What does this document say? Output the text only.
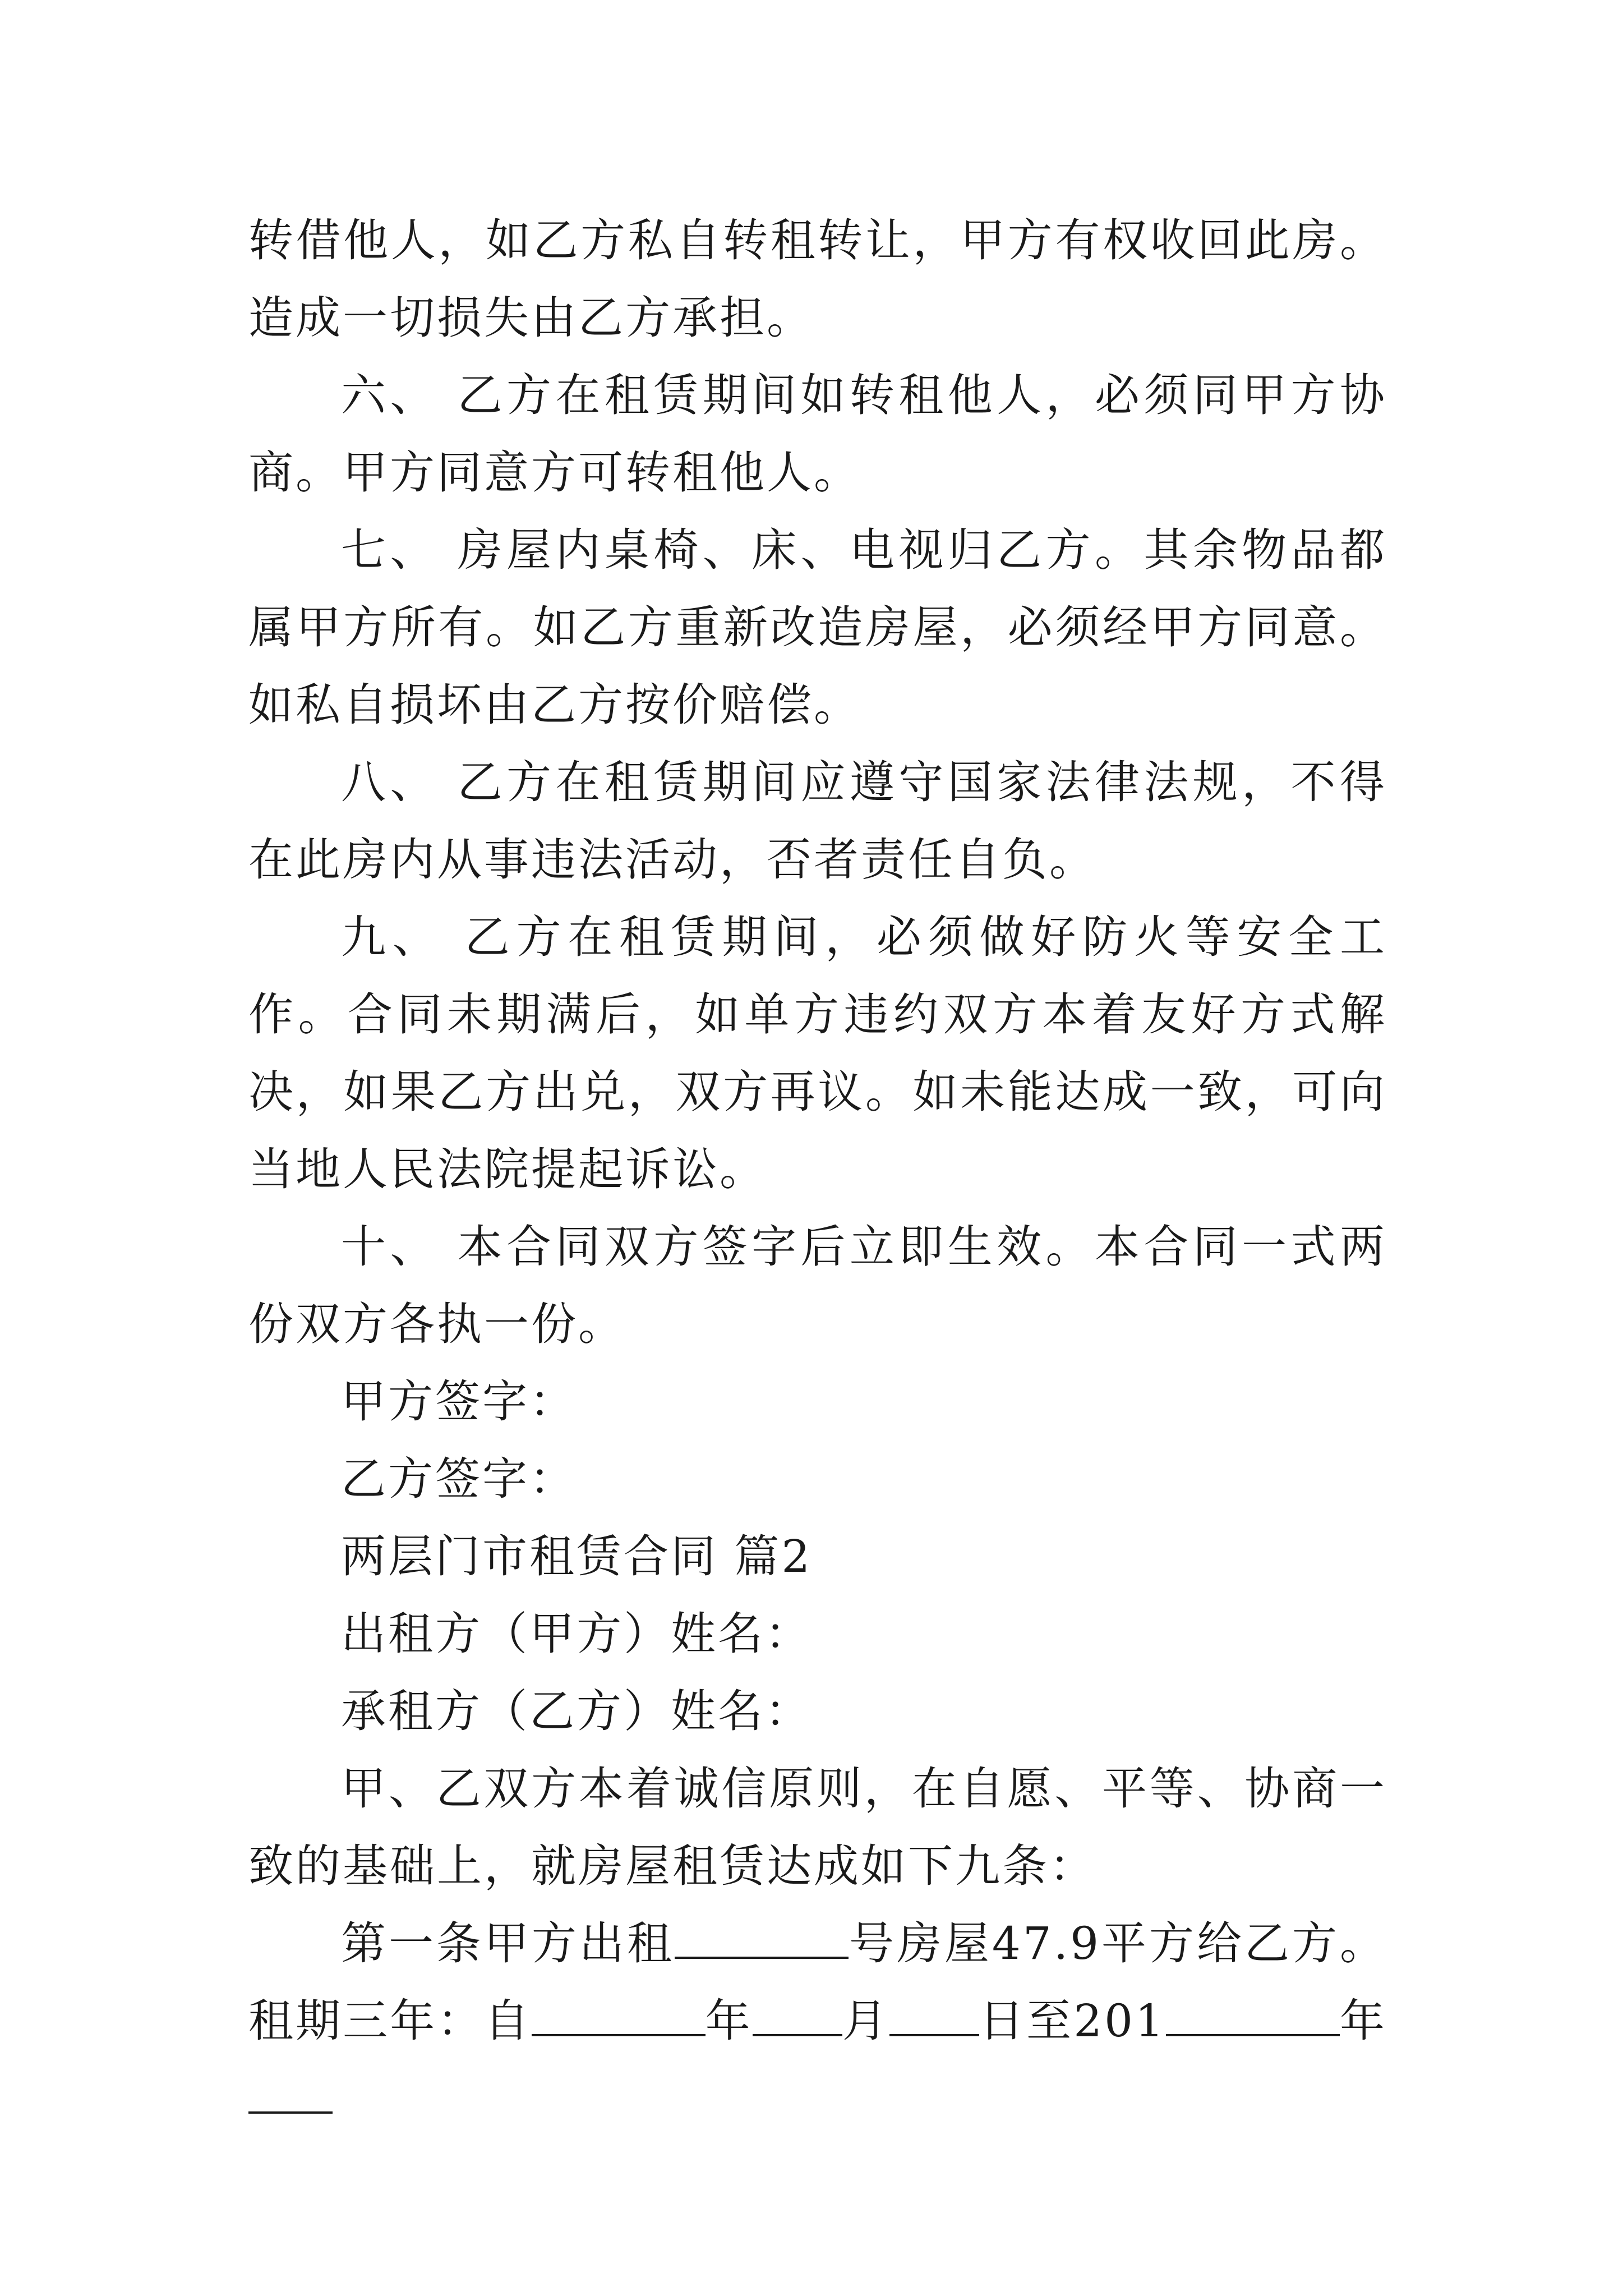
转借他人，如乙方私自转租转让，甲方有权收回此房。造成一切损失由乙方承担。

六、 乙方在租赁期间如转租他人，必须同甲方协商。甲方同意方可转租他人。

七、 房屋内桌椅、床、电视归乙方。其余物品都属甲方所有。如乙方重新改造房屋，必须经甲方同意。如私自损坏由乙方按价赔偿。

八、 乙方在租赁期间应遵守国家法律法规，不得在此房内从事违法活动，否者责任自负。

九、 乙方在租赁期间，必须做好防火等安全工作。合同未期满后，如单方违约双方本着友好方式解决，如果乙方出兑，双方再议。如未能达成一致，可向当地人民法院提起诉讼。

十、 本合同双方签字后立即生效。本合同一式两份双方各执一份。

甲方签字：

乙方签字：

两层门市租赁合同 篇2

出租方（甲方）姓名：

承租方（乙方）姓名：

甲、乙双方本着诚信原则，在自愿、平等、协商一致的基础上，就房屋租赁达成如下九条：

第一条甲方出租	号房屋47.9平方给乙方。租期三年：自	年 月 日至201	年
